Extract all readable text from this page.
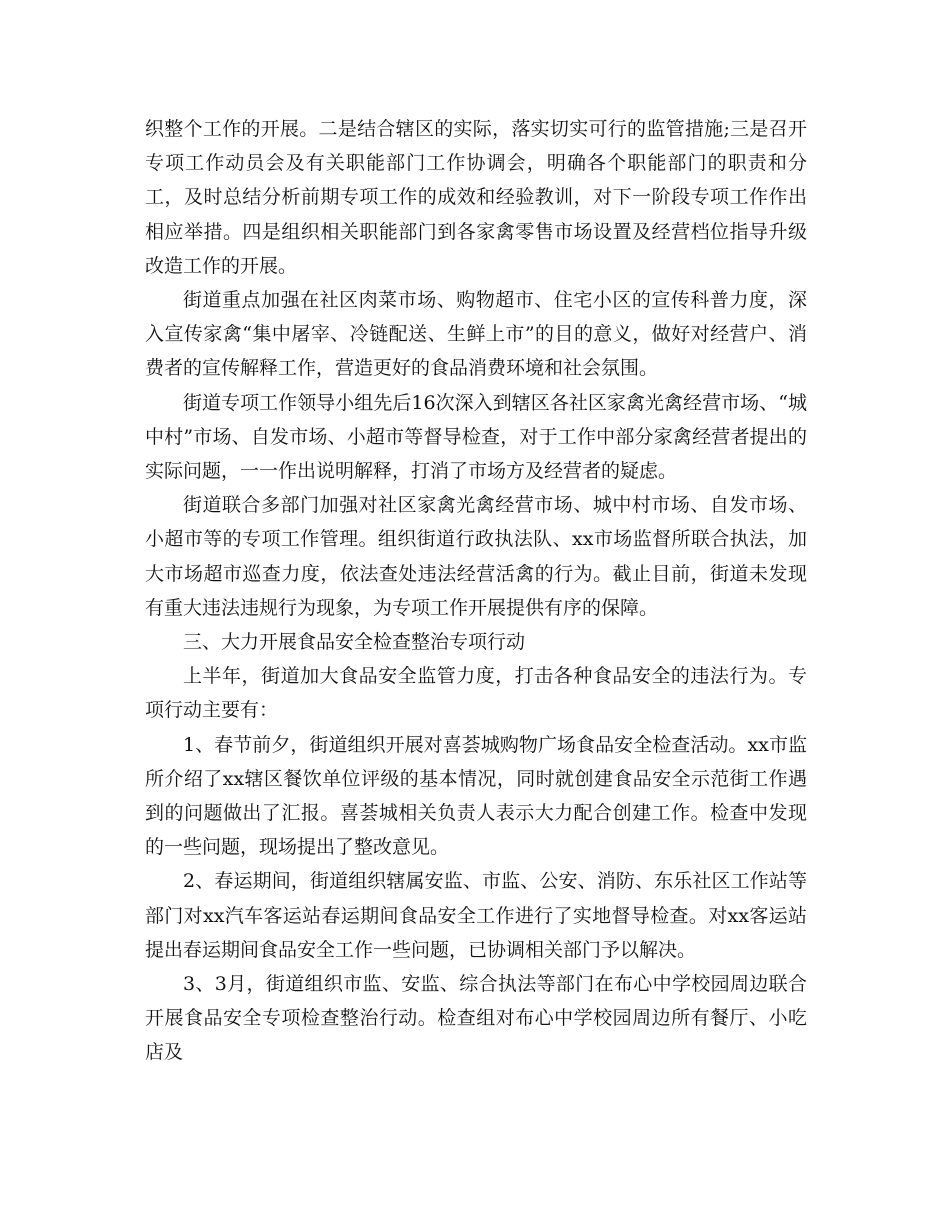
织整个工作的开展。二是结合辖区的实际，落实切实可行的监管措施;三是召开专项工作动员会及有关职能部门工作协调会，明确各个职能部门的职责和分工，及时总结分析前期专项工作的成效和经验教训，对下一阶段专项工作作出相应举措。四是组织相关职能部门到各家禽零售市场设置及经营档位指导升级改造工作的开展。

街道重点加强在社区肉菜市场、购物超市、住宅小区的宣传科普力度，深入宣传家禽“集中屠宰、冷链配送、生鲜上市”的目的意义，做好对经营户、消费者的宣传解释工作，营造更好的食品消费环境和社会氛围。

街道专项工作领导小组先后16次深入到辖区各社区家禽光禽经营市场、“城中村”市场、自发市场、小超市等督导检查，对于工作中部分家禽经营者提出的实际问题，一一作出说明解释，打消了市场方及经营者的疑虑。

街道联合多部门加强对社区家禽光禽经营市场、城中村市场、自发市场、小超市等的专项工作管理。组织街道行政执法队、xx市场监督所联合执法，加大市场超市巡查力度，依法查处违法经营活禽的行为。截止目前，街道未发现有重大违法违规行为现象，为专项工作开展提供有序的保障。

三、大力开展食品安全检查整治专项行动

上半年，街道加大食品安全监管力度，打击各种食品安全的违法行为。专项行动主要有：

1、春节前夕，街道组织开展对喜荟城购物广场食品安全检查活动。xx市监所介绍了xx辖区餐饮单位评级的基本情况，同时就创建食品安全示范街工作遇到的问题做出了汇报。喜荟城相关负责人表示大力配合创建工作。检查中发现的一些问题，现场提出了整改意见。

2、春运期间，街道组织辖属安监、市监、公安、消防、东乐社区工作站等部门对xx汽车客运站春运期间食品安全工作进行了实地督导检查。对xx客运站提出春运期间食品安全工作一些问题，已协调相关部门予以解决。

3、3月，街道组织市监、安监、综合执法等部门在布心中学校园周边联合开展食品安全专项检查整治行动。检查组对布心中学校园周边所有餐厅、小吃店及
